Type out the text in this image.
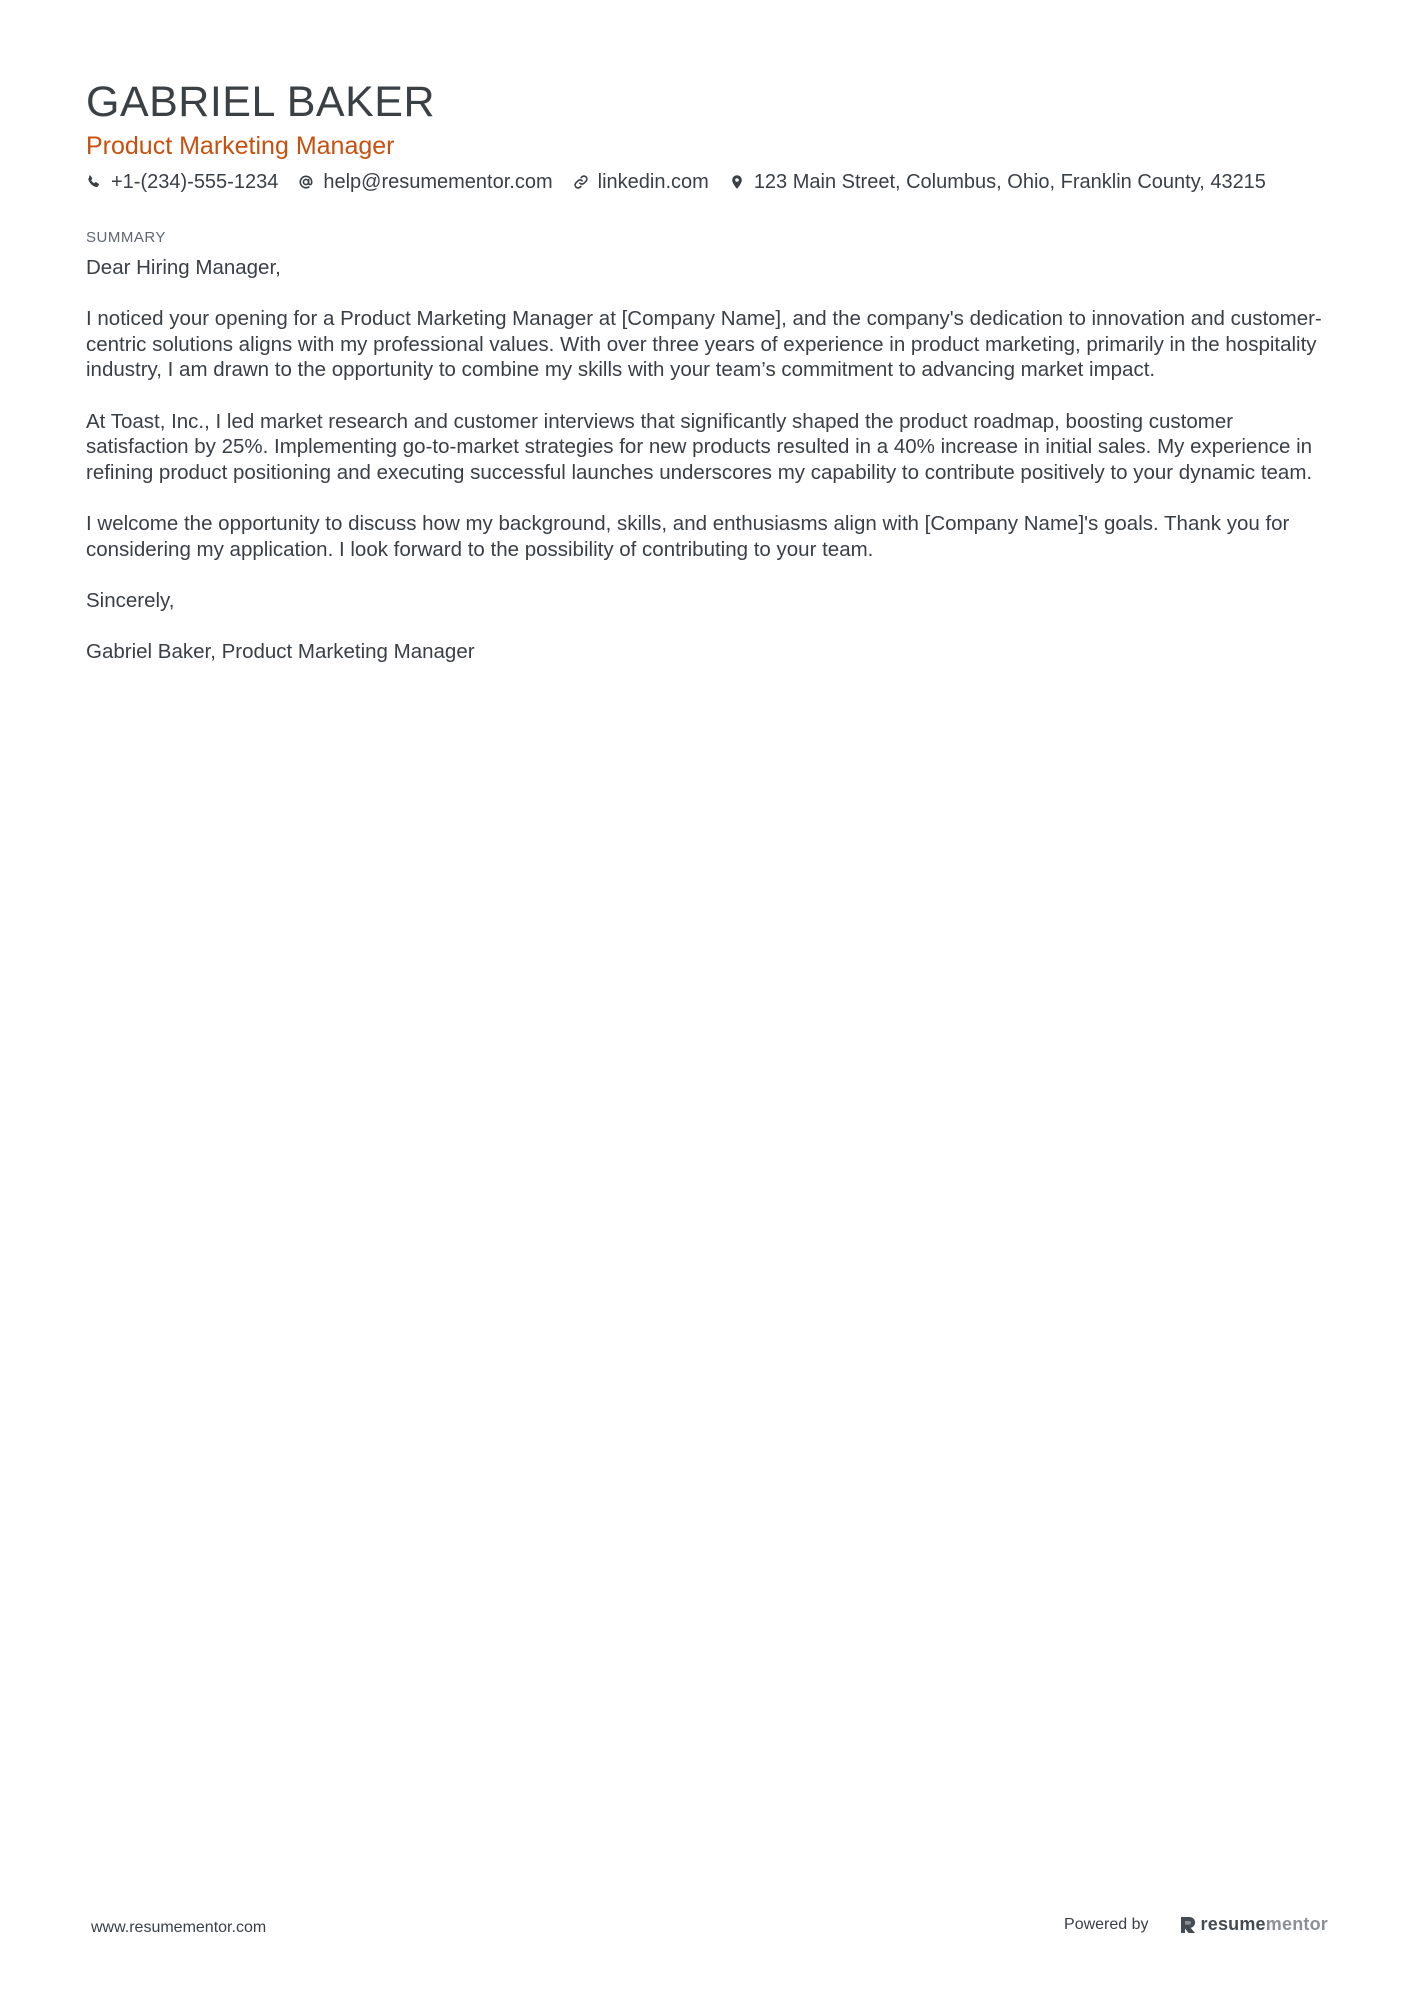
GABRIEL BAKER
Product Marketing Manager
+1-(234)-555-1234 help@resumementor.com linkedin.com 123 Main Street, Columbus, Ohio, Franklin County, 43215
SUMMARY

Dear Hiring Manager,

I noticed your opening for a Product Marketing Manager at [Company Name], and the company's dedication to innovation and customer-centric solutions aligns with my professional values. With over three years of experience in product marketing, primarily in the hospitality industry, I am drawn to the opportunity to combine my skills with your team’s commitment to advancing market impact.

At Toast, Inc., I led market research and customer interviews that significantly shaped the product roadmap, boosting customer satisfaction by 25%. Implementing go-to-market strategies for new products resulted in a 40% increase in initial sales. My experience in refining product positioning and executing successful launches underscores my capability to contribute positively to your dynamic team.

I welcome the opportunity to discuss how my background, skills, and enthusiasms align with [Company Name]'s goals. Thank you for considering my application. I look forward to the possibility of contributing to your team.

Sincerely,

Gabriel Baker, Product Marketing Manager

www.resumementor.com	Powered by	resume mentor
